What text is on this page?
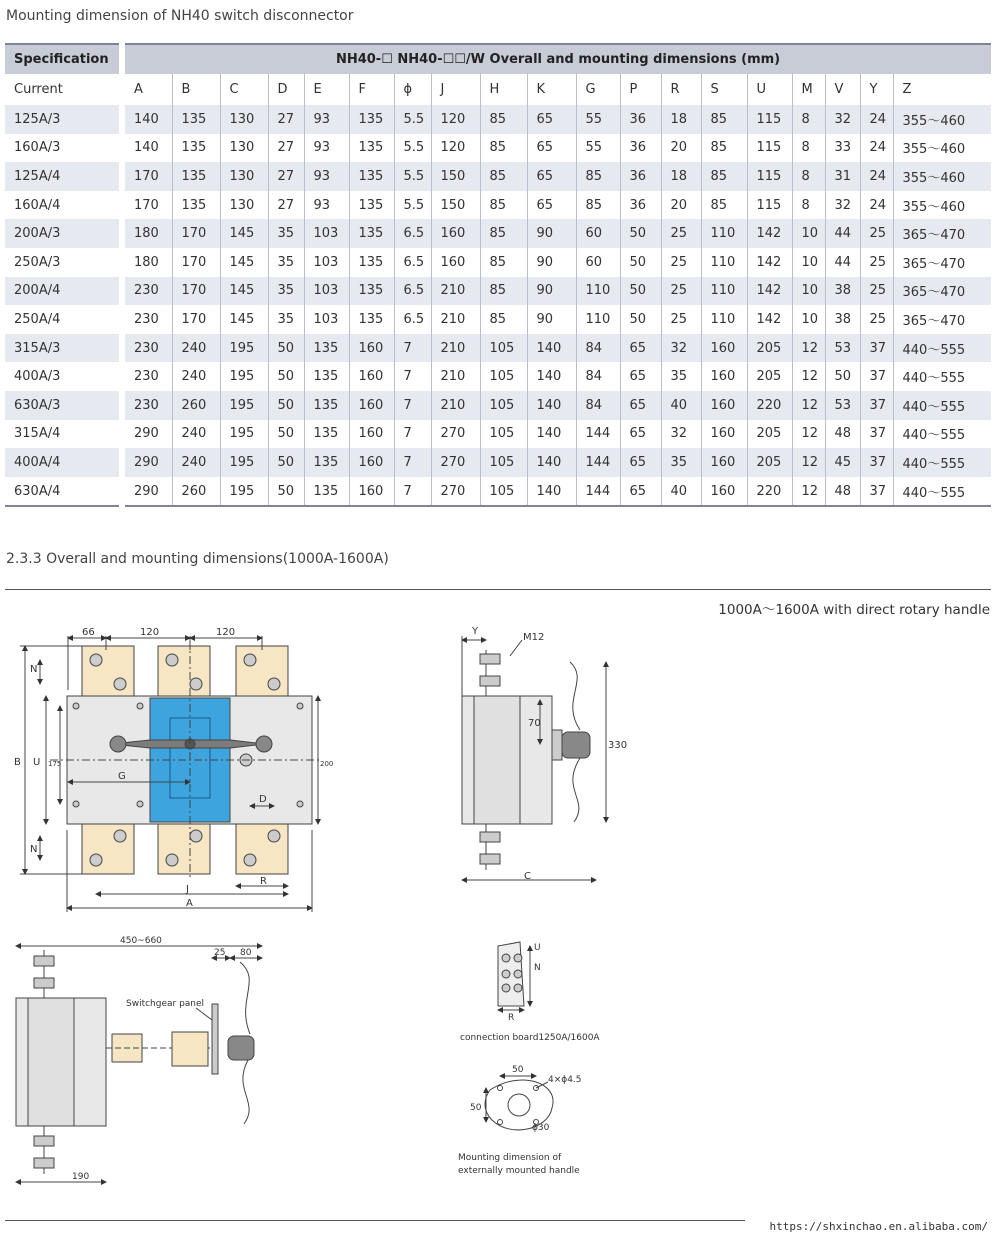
Mounting dimension of NH40 switch disconnector
Specification	NH40-☐ NH40-☐☐/W Overall and mounting dimensions (mm)																		
Current	A	B	C	D	E	F	ϕ	J	H	K	G	P	R	S	U	M	V	Y	Z
125A/3	140	135	130	27	93	135	5.5	120	85	65	55	36	18	85	115	8	32	24	355～460
160A/3	140	135	130	27	93	135	5.5	120	85	65	55	36	20	85	115	8	33	24	355～460
125A/4	170	135	130	27	93	135	5.5	150	85	65	85	36	18	85	115	8	31	24	355～460
160A/4	170	135	130	27	93	135	5.5	150	85	65	85	36	20	85	115	8	32	24	355～460
200A/3	180	170	145	35	103	135	6.5	160	85	90	60	50	25	110	142	10	44	25	365～470
250A/3	180	170	145	35	103	135	6.5	160	85	90	60	50	25	110	142	10	44	25	365～470
200A/4	230	170	145	35	103	135	6.5	210	85	90	110	50	25	110	142	10	38	25	365～470
250A/4	230	170	145	35	103	135	6.5	210	85	90	110	50	25	110	142	10	38	25	365～470
315A/3	230	240	195	50	135	160	7	210	105	140	84	65	32	160	205	12	53	37	440～555
400A/3	230	240	195	50	135	160	7	210	105	140	84	65	35	160	205	12	50	37	440～555
630A/3	230	260	195	50	135	160	7	210	105	140	84	65	40	160	220	12	53	37	440～555
315A/4	290	240	195	50	135	160	7	270	105	140	144	65	32	160	205	12	48	37	440～555
400A/4	290	240	195	50	135	160	7	270	105	140	144	65	35	160	205	12	45	37	440～555
630A/4	290	260	195	50	135	160	7	270	105	140	144	65	40	160	220	12	48	37	440～555
2.3.3 Overall and mounting dimensions(1000A-1600A)
1000A～1600A with direct rotary handle
https://shxinchao.en.alibaba.com/
66	120	120
N
B U 175
G
200
D
N
R
J
A
Y
M12
70
330
C
450~660
25 80
Switchgear panel
190
U
N
R
connection board1250A/1600A
50
4×ϕ4.5
50
ϕ30
Mounting dimension of
externally mounted handle
